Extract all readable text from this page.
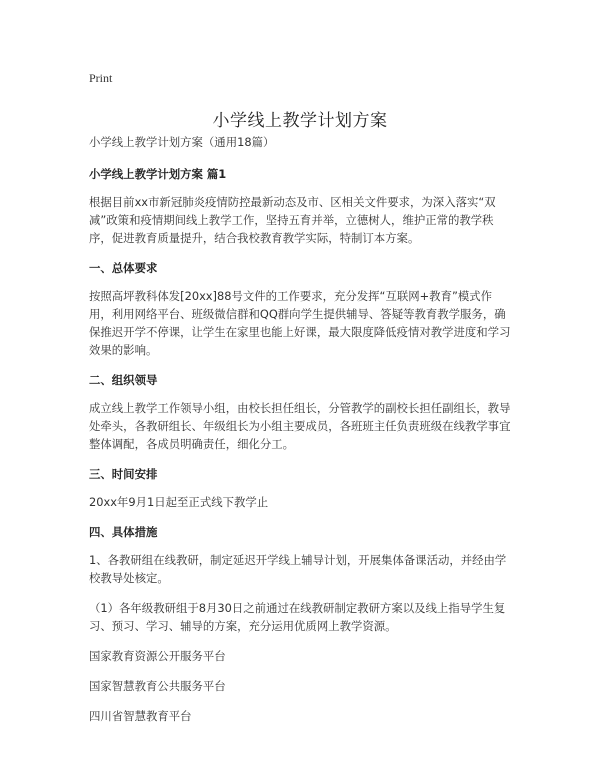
Print
小学线上教学计划方案

小学线上教学计划方案（通用18篇）

小学线上教学计划方案 篇1

根据目前xx市新冠肺炎疫情防控最新动态及市、区相关文件要求，为深入落实“双减”政策和疫情期间线上教学工作，坚持五育并举，立德树人，维护正常的教学秩序，促进教育质量提升，结合我校教育教学实际，特制订本方案。

一、总体要求

按照高坪教科体发[20xx]88号文件的工作要求，充分发挥“互联网+教育”模式作用，利用网络平台、班级微信群和QQ群向学生提供辅导、答疑等教育教学服务，确保推迟开学不停课，让学生在家里也能上好课，最大限度降低疫情对教学进度和学习效果的影响。

二、组织领导

成立线上教学工作领导小组，由校长担任组长，分管教学的副校长担任副组长，教导处牵头，各教研组长、年级组长为小组主要成员，各班班主任负责班级在线教学事宜整体调配，各成员明确责任，细化分工。

三、时间安排

20xx年9月1日起至正式线下教学止

四、具体措施

1、各教研组在线教研，制定延迟开学线上辅导计划，开展集体备课活动，并经由学校教导处核定。

（1）各年级教研组于8月30日之前通过在线教研制定教研方案以及线上指导学生复习、预习、学习、辅导的方案，充分运用优质网上教学资源。

国家教育资源公开服务平台

国家智慧教育公共服务平台

四川省智慧教育平台
